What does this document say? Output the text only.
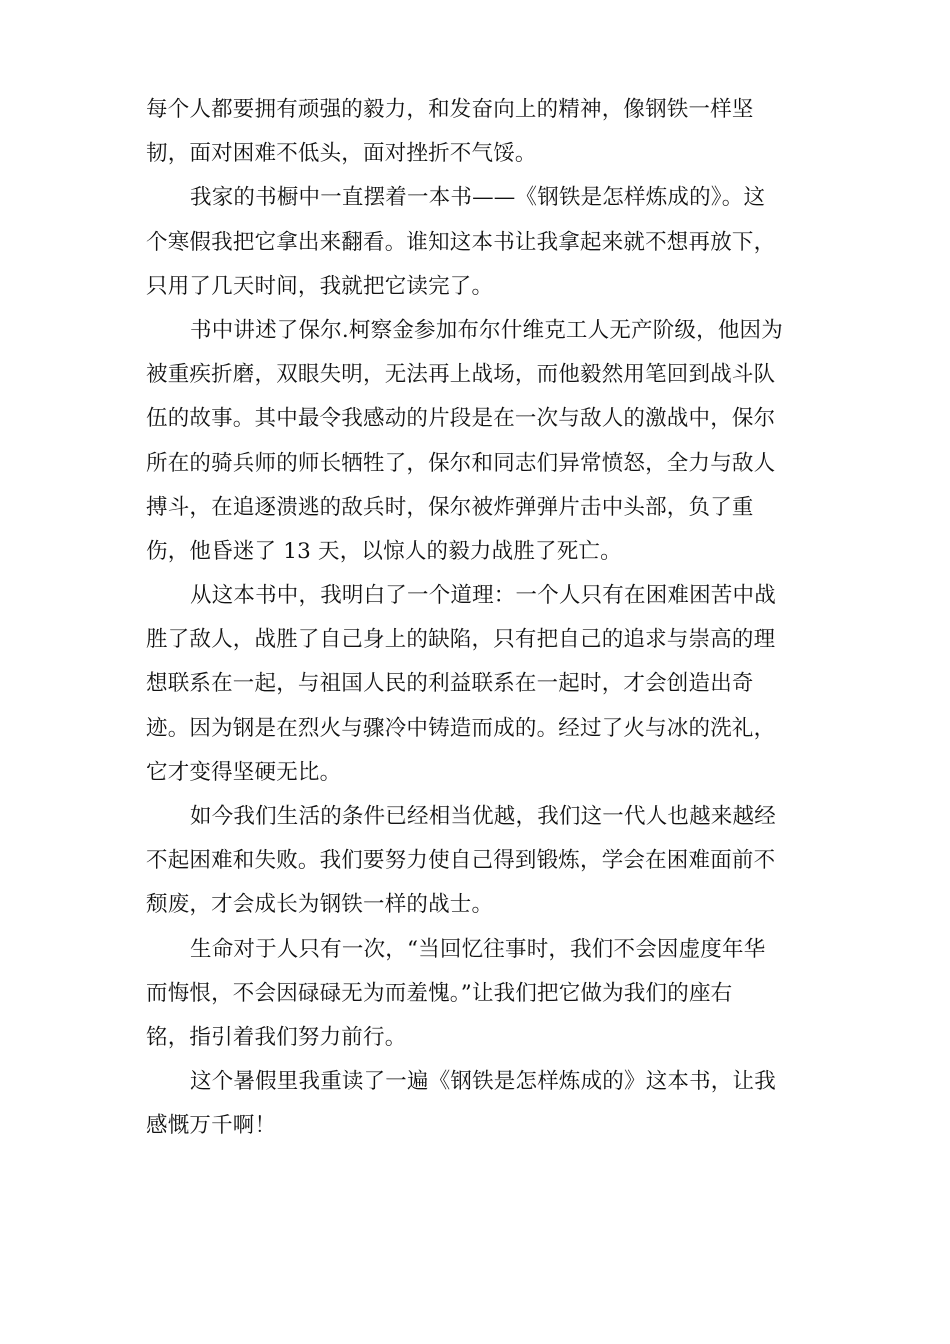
每个人都要拥有顽强的毅力，和发奋向上的精神，像钢铁一样坚
韧，面对困难不低头，面对挫折不气馁。
我家的书橱中一直摆着一本书——《钢铁是怎样炼成的》。这
个寒假我把它拿出来翻看。谁知这本书让我拿起来就不想再放下，
只用了几天时间，我就把它读完了。
书中讲述了保尔.柯察金参加布尔什维克工人无产阶级，他因为
被重疾折磨，双眼失明，无法再上战场，而他毅然用笔回到战斗队
伍的故事。其中最令我感动的片段是在一次与敌人的激战中，保尔
所在的骑兵师的师长牺牲了，保尔和同志们异常愤怒，全力与敌人
搏斗，在追逐溃逃的敌兵时，保尔被炸弹弹片击中头部，负了重
伤，他昏迷了 13 天，以惊人的毅力战胜了死亡。
从这本书中，我明白了一个道理：一个人只有在困难困苦中战
胜了敌人，战胜了自己身上的缺陷，只有把自己的追求与崇高的理
想联系在一起，与祖国人民的利益联系在一起时，才会创造出奇
迹。因为钢是在烈火与骤冷中铸造而成的。经过了火与冰的洗礼，
它才变得坚硬无比。
如今我们生活的条件已经相当优越，我们这一代人也越来越经
不起困难和失败。我们要努力使自己得到锻炼，学会在困难面前不
颓废，才会成长为钢铁一样的战士。
生命对于人只有一次，“当回忆往事时，我们不会因虚度年华
而悔恨，不会因碌碌无为而羞愧。”让我们把它做为我们的座右
铭，指引着我们努力前行。
这个暑假里我重读了一遍《钢铁是怎样炼成的》这本书，让我
感慨万千啊！
